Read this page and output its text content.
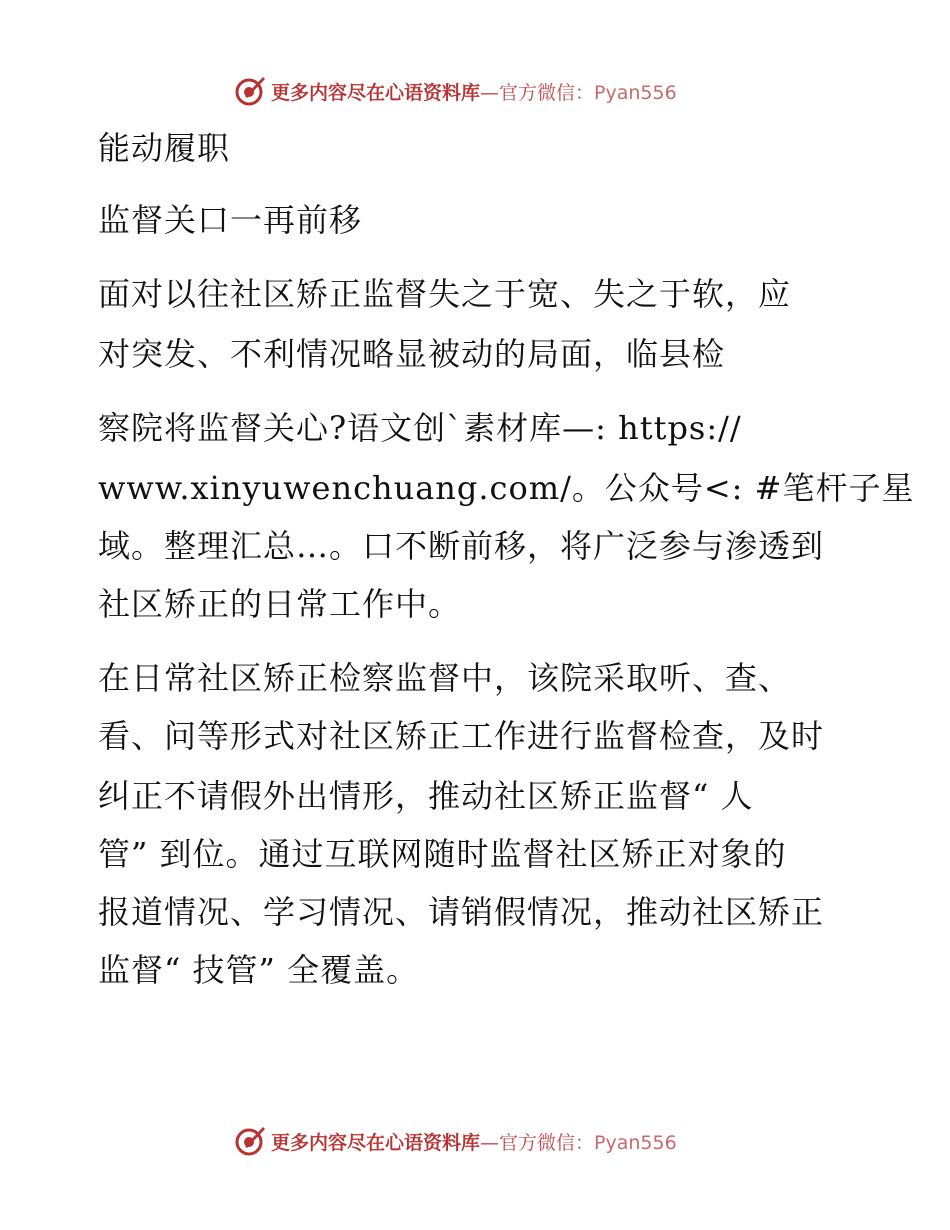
更多内容尽在心语资料库—官方微信：Pyan556
能动履职
监督关口一再前移
面对以往社区矫正监督失之于宽、失之于软，应
对突发、不利情况略显被动的局面，临县检
察院将监督关心?语文创`素材库—: https://
www.xinyuwenchuang.com/。公众号<: #笔杆子星
域。整理汇总…。口不断前移，将广泛参与渗透到
社区矫正的日常工作中。
在日常社区矫正检察监督中，该院采取听、查、
看、问等形式对社区矫正工作进行监督检查，及时
纠正不请假外出情形，推动社区矫正监督“ 人
管” 到位。通过互联网随时监督社区矫正对象的
报道情况、学习情况、请销假情况，推动社区矫正
监督“ 技管” 全覆盖。
更多内容尽在心语资料库—官方微信：Pyan556
